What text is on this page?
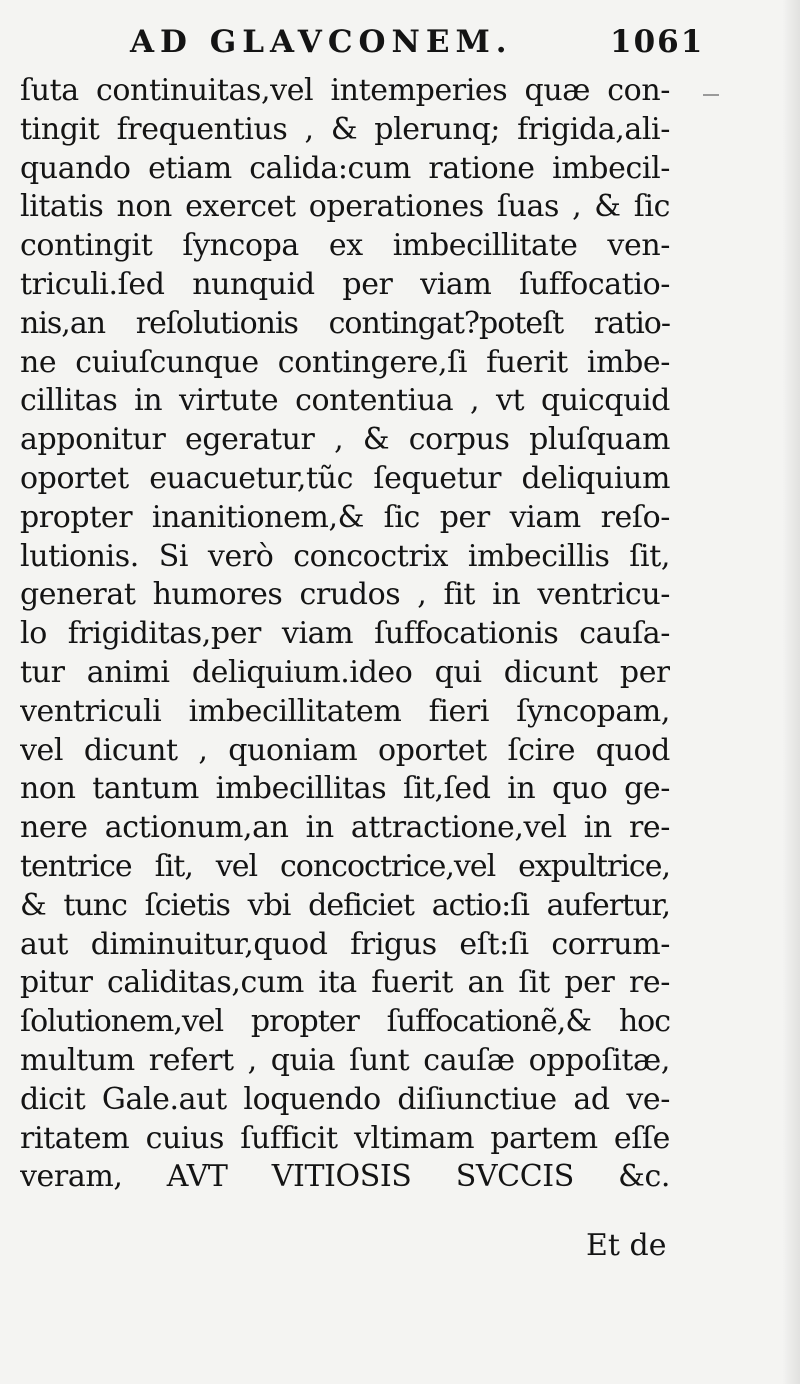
AD GLAVCONEM.	1061
ſuta continuitas,vel intemperies quæ con-
tingit frequentius , & plerunq; frigida,ali-
quando etiam calida:cum ratione imbecil-
litatis non exercet operationes ſuas , & ſic
contingit ſyncopa ex imbecillitate ven-
triculi.ſed nunquid per viam ſuffocatio-
nis,an reſolutionis contingat?poteſt ratio-
ne cuiuſcunque contingere,ſi fuerit imbe-
cillitas in virtute contentiua , vt quicquid
apponitur egeratur , & corpus pluſquam
oportet euacuetur,tũc ſequetur deliquium
propter inanitionem,& ſic per viam reſo-
lutionis. Si verò concoctrix imbecillis ſit,
generat humores crudos , fit in ventricu-
lo frigiditas,per viam ſuffocationis cauſa-
tur animi deliquium.ideo qui dicunt per
ventriculi imbecillitatem fieri ſyncopam,
vel dicunt , quoniam oportet ſcire quod
non tantum imbecillitas ſit,ſed in quo ge-
nere actionum,an in attractione,vel in re-
tentrice ſit, vel concoctrice,vel expultrice,
& tunc ſcietis vbi deficiet actio:ſi aufertur,
aut diminuitur,quod frigus eſt:ſi corrum-
pitur caliditas,cum ita fuerit an ſit per re-
ſolutionem,vel propter ſuffocationẽ,& hoc
multum refert , quia ſunt cauſæ oppoſitæ,
dicit Gale.aut loquendo diſiunctiue ad ve-
ritatem cuius ſufficit vltimam partem eſſe
veram, AVT VITIOSIS SVCCIS &c.
Et de
